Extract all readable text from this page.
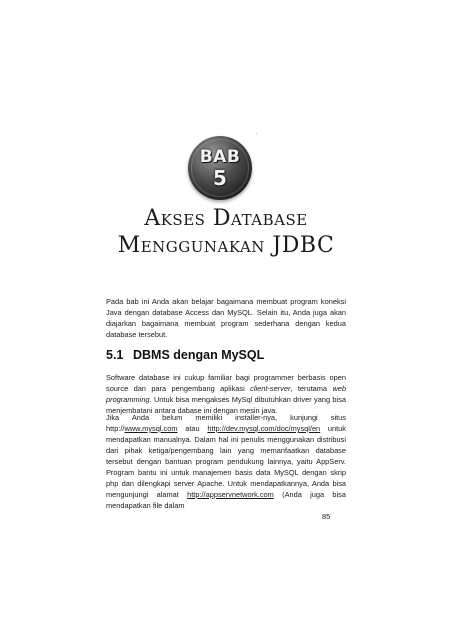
'
BAB
5
Akses Database
Menggunakan JDBC

Pada bab ini Anda akan belajar bagaimana membuat program koneksi Java dengan database Access dan MySQL. Selain itu, Anda juga akan diajarkan bagaimana membuat program sederhana dengan kedua database tersebut.

5.1 DBMS dengan MySQL

Software database ini cukup familiar bagi programmer berbasis open source dan para pengembang aplikasi client-server, terutama web programming. Untuk bisa mengakses MySql dibutuhkan driver yang bisa menjembatani antara dabase ini dengan mesin java.

Jika Anda belum memiliki installer-nya, kunjungi situs http://www.mysql.com atau http://dev.mysql.com/doc/mysql/en untuk mendapatkan manualnya. Dalam hal ini penulis menggunakan distribusi dari pihak ketiga/pengembang lain yang memanfaatkan database tersebut dengan bantuan program pendukung lainnya, yaitu AppServ. Program bantu ini untuk manajemen basis data MySQL dengan skrip php dan dilengkapi server Apache. Untuk mendapatkannya, Anda bisa mengunjungi alamat http://appservnetwork.com (Anda juga bisa mendapatkan file dalam

85
